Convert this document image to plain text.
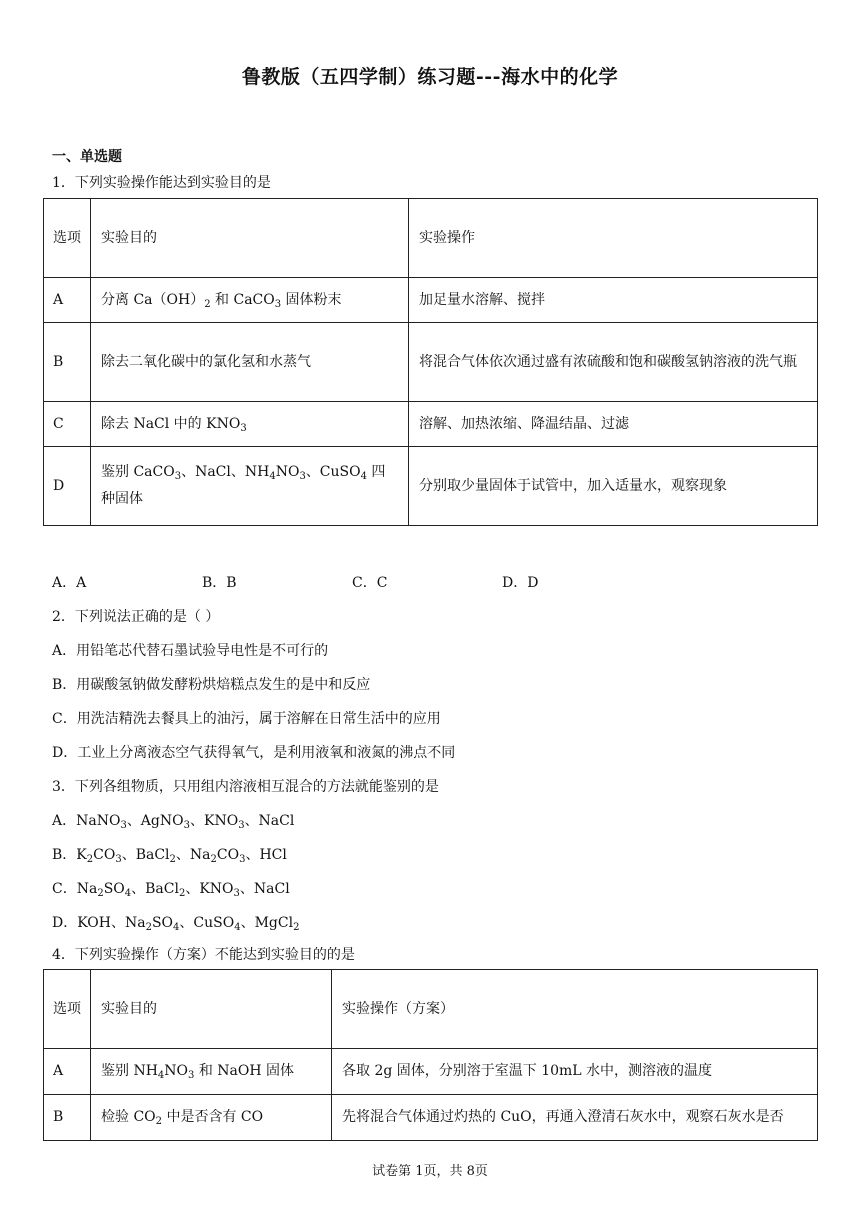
鲁教版（五四学制）练习题---海水中的化学
一、单选题
1．下列实验操作能达到实验目的是
选项	实验目的	实验操作
A	分离 $Ca(OH)_2$ 和 CaCO$_3$ 固体粉末	加足量水溶解、搅拌
B	除去二氧化碳中的氯化氢和水蒸气	将混合气体依次通过盛有浓硫酸和饱和碳酸氢钠溶液的洗气瓶
C	除去 NaCl 中的 $KNO_3$	溶解、加热浓缩、降温结晶、过滤
D	鉴别 CaCO$_3$、NaCl、$NH_4NO_3$、CuSO$_4$ 四种固体	分别取少量固体于试管中，加入适量水，观察现象
A．A	B．B	C．C	D．D
2．下列说法正确的是（ ）
A．用铅笔芯代替石墨试验导电性是不可行的
B．用碳酸氢钠做发酵粉烘焙糕点发生的是中和反应
C．用洗洁精洗去餐具上的油污，属于溶解在日常生活中的应用
D．工业上分离液态空气获得氧气，是利用液氧和液氮的沸点不同
3．下列各组物质，只用组内溶液相互混合的方法就能鉴别的是
A．NaNO$_3$、AgNO$_3$、$KNO_3$、NaCl
B．$K_2CO_3$、BaCl$_2$、$Na_2CO_3$、HCl
C．$Na_2SO_4$、BaCl$_2$、$KNO_3$、NaCl
D．KOH、$Na_2SO_4$、CuSO$_4$、MgCl$_2$
4．下列实验操作（方案）不能达到实验目的的是
选项	实验目的	实验操作（方案）
A	鉴别 $NH_4NO_3$ 和 NaOH 固体	各取 2g 固体，分别溶于室温下 10mL 水中，测溶液的温度
B	检验 $CO_2$ 中是否含有 CO	先将混合气体通过灼热的 CuO，再通入澄清石灰水中，观察石灰水是否
试卷第 1页，共 8页
